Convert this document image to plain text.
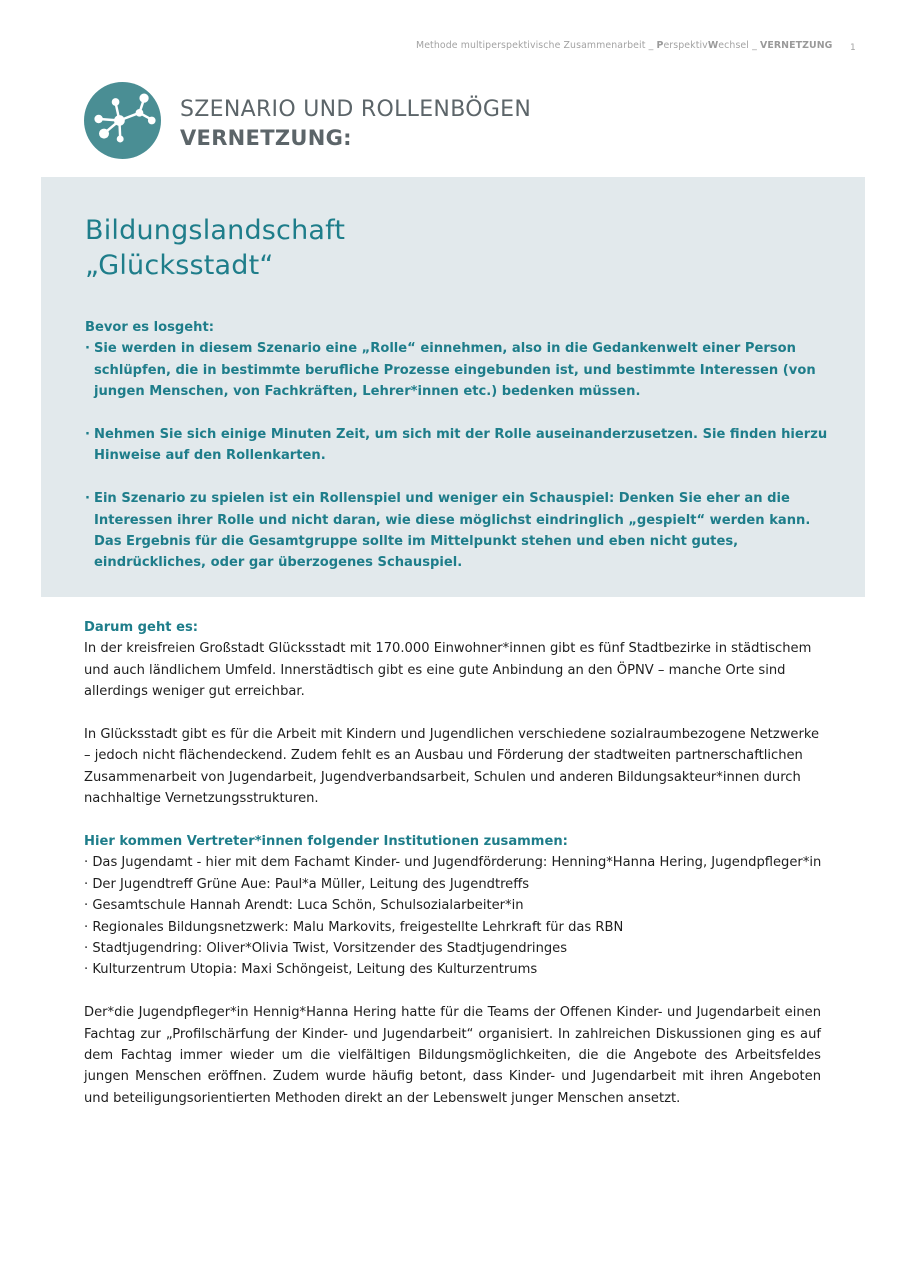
Methode multiperspektivische Zusammenarbeit _ PerspektivWechsel _ VERNETZUNG 1
SZENARIO UND ROLLENBÖGEN
VERNETZUNG:
Bildungslandschaft
„Glücksstadt“

Bevor es losgeht:

· Sie werden in diesem Szenario eine „Rolle“ einnehmen, also in die Gedankenwelt einer Person schlüpfen, die in bestimmte berufliche Prozesse eingebunden ist, und bestimmte Interessen (von jungen Menschen, von Fachkräften, Lehrer*innen etc.) bedenken müssen.

· Nehmen Sie sich einige Minuten Zeit, um sich mit der Rolle auseinanderzusetzen. Sie finden hierzu Hinweise auf den Rollenkarten.

· Ein Szenario zu spielen ist ein Rollenspiel und weniger ein Schauspiel: Denken Sie eher an die Interessen ihrer Rolle und nicht daran, wie diese möglichst eindringlich „gespielt“ werden kann. Das Ergebnis für die Gesamtgruppe sollte im Mittelpunkt stehen und eben nicht gutes, eindrückliches, oder gar überzogenes Schauspiel.

Darum geht es:

In der kreisfreien Großstadt Glücksstadt mit 170.000 Einwohner*innen gibt es fünf Stadtbezirke in städtischem und auch ländlichem Umfeld. Innerstädtisch gibt es eine gute Anbindung an den ÖPNV – manche Orte sind allerdings weniger gut erreichbar.

In Glücksstadt gibt es für die Arbeit mit Kindern und Jugendlichen verschiedene sozialraumbezogene Netzwerke – jedoch nicht flächendeckend. Zudem fehlt es an Ausbau und Förderung der stadtweiten partnerschaftlichen Zusammenarbeit von Jugendarbeit, Jugendverbandsarbeit, Schulen und anderen Bildungsakteur*innen durch nachhaltige Vernetzungsstrukturen.

Hier kommen Vertreter*innen folgender Institutionen zusammen:

· Das Jugendamt - hier mit dem Fachamt Kinder- und Jugendförderung: Henning*Hanna Hering, Jugendpfleger*in
· Der Jugendtreff Grüne Aue: Paul*a Müller, Leitung des Jugendtreffs
· Gesamtschule Hannah Arendt: Luca Schön, Schulsozialarbeiter*in
· Regionales Bildungsnetzwerk: Malu Markovits, freigestellte Lehrkraft für das RBN
· Stadtjugendring: Oliver*Olivia Twist, Vorsitzender des Stadtjugendringes
· Kulturzentrum Utopia: Maxi Schöngeist, Leitung des Kulturzentrums

Der*die Jugendpfleger*in Hennig*Hanna Hering hatte für die Teams der Offenen Kinder- und Jugendarbeit einen Fachtag zur „Profilschärfung der Kinder- und Jugendarbeit“ organisiert. In zahlreichen Diskussionen ging es auf dem Fachtag immer wieder um die vielfältigen Bildungsmöglichkeiten, die die Angebote des Arbeitsfeldes jungen Menschen eröffnen. Zudem wurde häufig betont, dass Kinder- und Jugendarbeit mit ihren Angeboten und beteiligungsorientierten Methoden direkt an der Lebenswelt junger Menschen ansetzt.
